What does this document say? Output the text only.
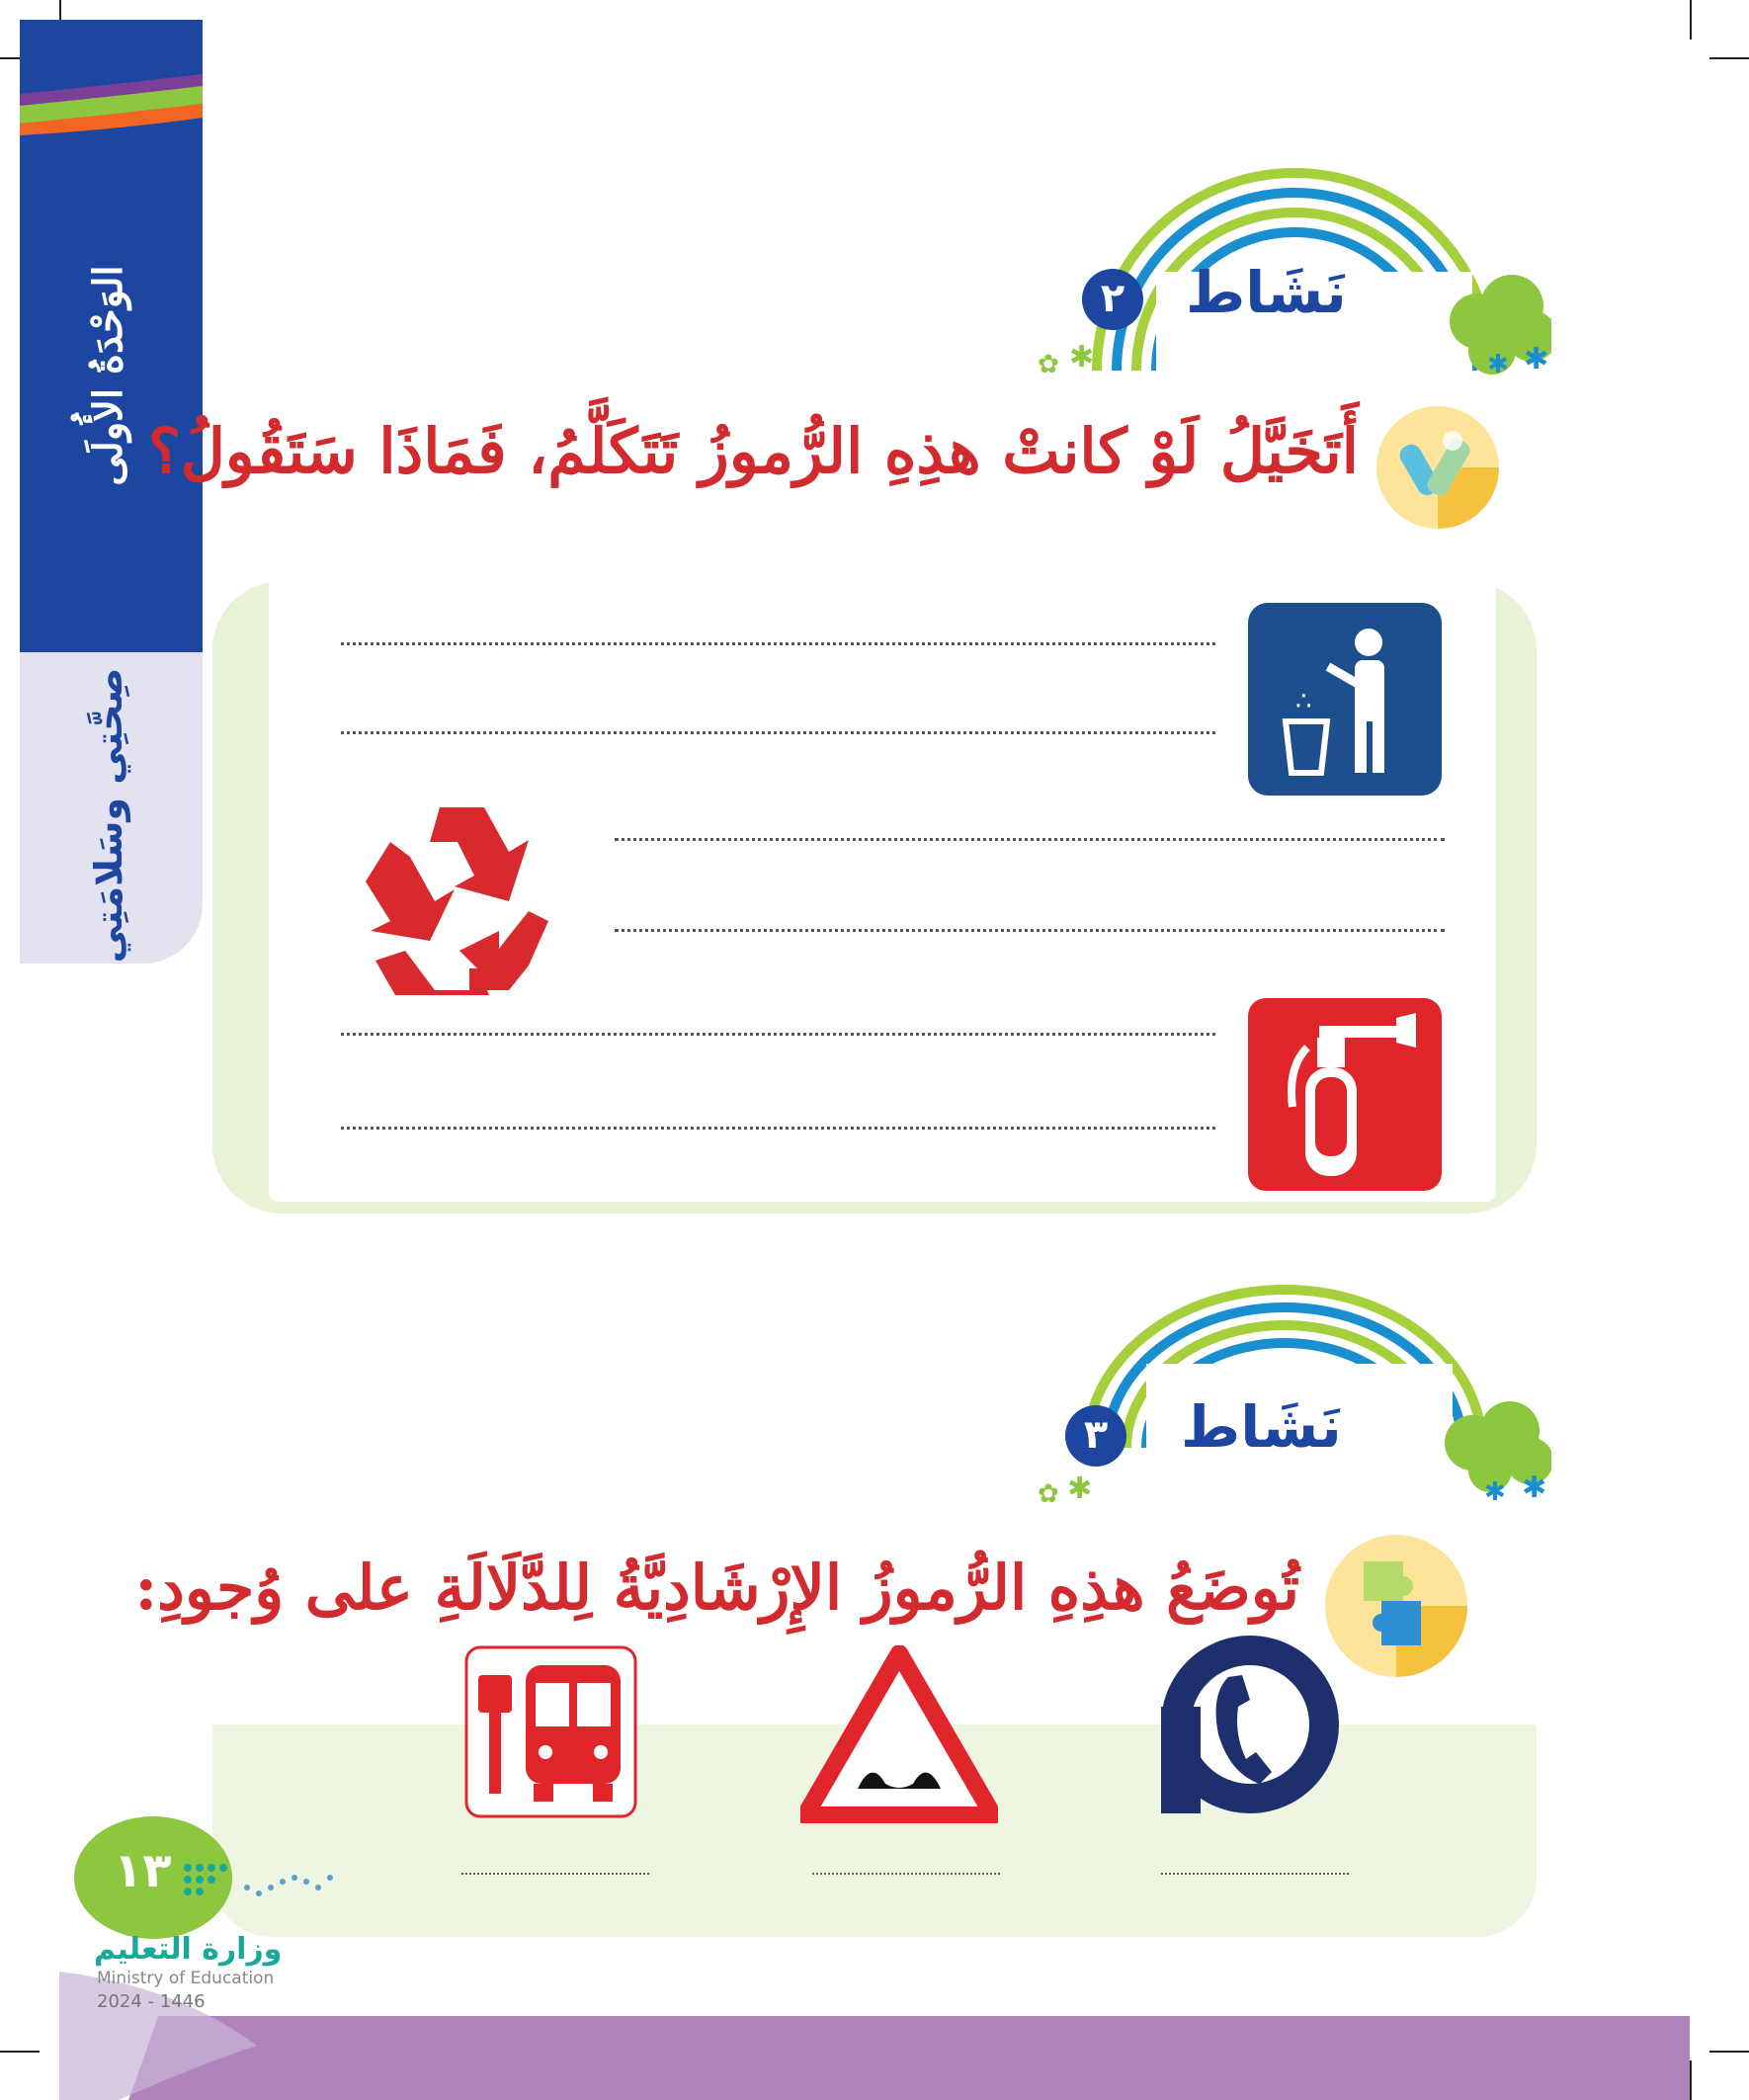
الوَحْدَةُ الأُولَى
صِحَّتِي وسَلامَتِي
✱
✱
✿ ✱
نَشَاط
٢
أَتَخَيَّلُ لَوْ كانتْ هذِهِ الرُّموزُ تَتَكَلَّمُ، فَمَاذَا سَتَقُولُ؟
∴
✱
✱
✿ ✱
نَشَاط
٣
تُوضَعُ هذِهِ الرُّموزُ الإِرْشَادِيَّةُ لِلدَّلَالَةِ على وُجودِ:
١٣
وزارة التعليم
Ministry of Education
2024 - 1446
